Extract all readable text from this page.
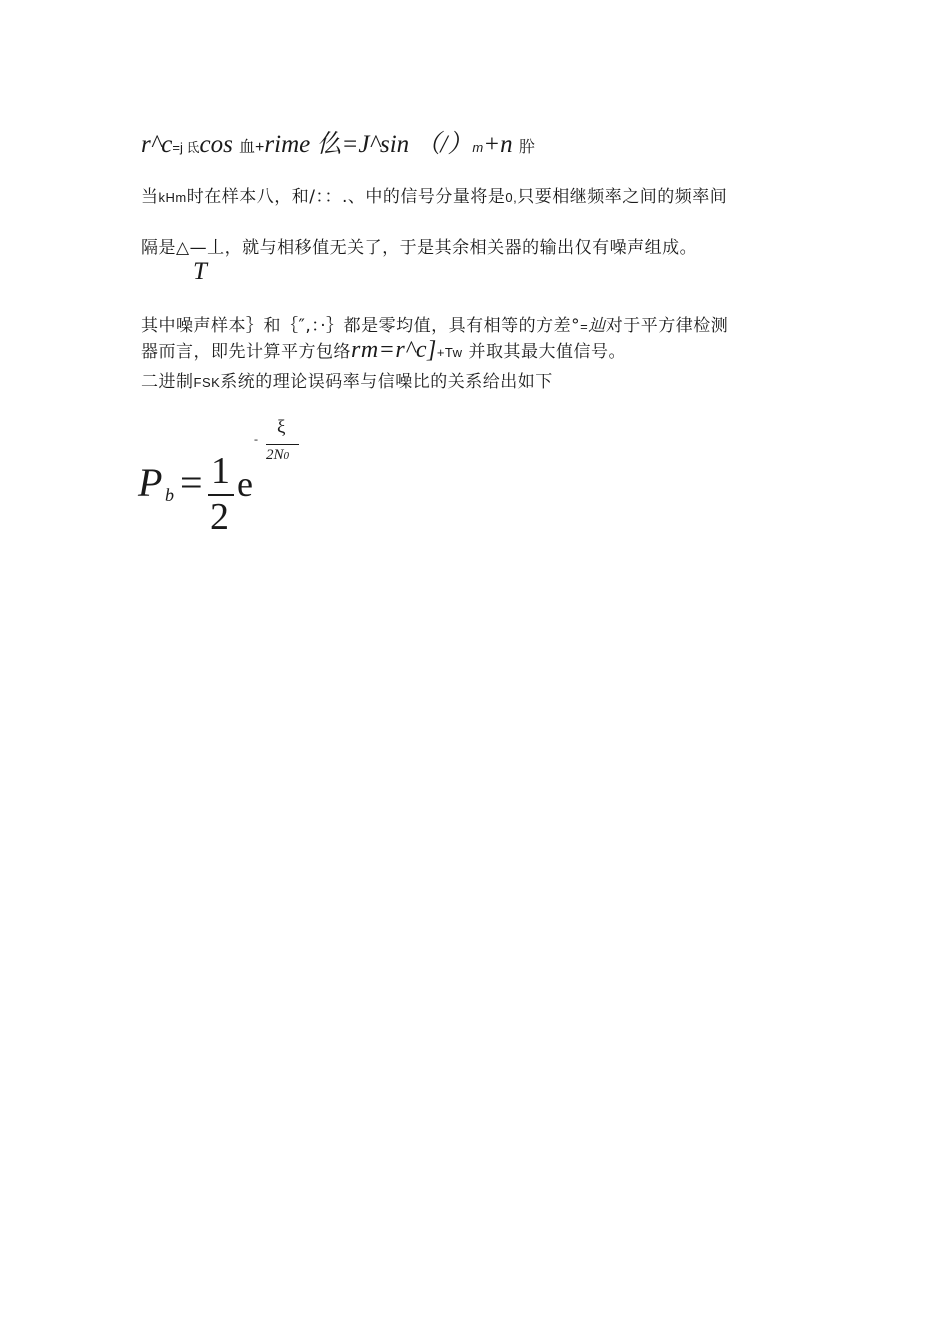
r^c=j 氐cos 血+rime 仫=J^sin （/）m+n 肸
当kHm时在样本八，和/：：.、中的信号分量将是0,只要相继频率之间的频率间
隔是△—丄，就与相移值无关了，于是其余相关器的输出仅有噪声组成。
T
其中噪声样本｝和｛″,：·｝都是零均值，具有相等的方差°=辿对于平方律检测
器而言，即先计算平方包络rm=r^c]+Tw 并取其最大值信号。
二进制FSK系统的理论误码率与信噪比的关系给出如下
P b = 1
2
e
-
ξ
2N0
